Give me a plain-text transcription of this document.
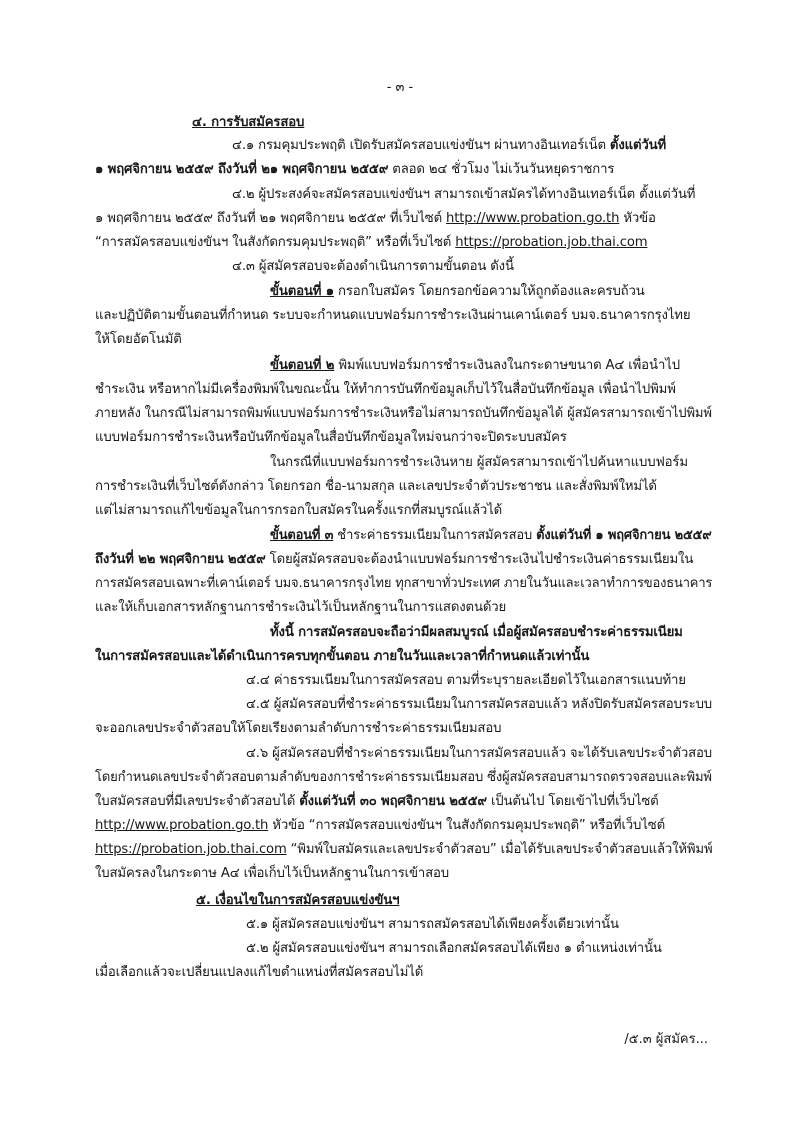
- ๓ -
๔. การรับสมัครสอบ
๔.๑ กรมคุมประพฤติ เปิดรับสมัครสอบแข่งขันฯ ผ่านทางอินเทอร์เน็ต ตั้งแต่วันที่
๑ พฤศจิกายน ๒๕๕๙ ถึงวันที่ ๒๑ พฤศจิกายน ๒๕๕๙ ตลอด ๒๔ ชั่วโมง ไม่เว้นวันหยุดราชการ
๔.๒ ผู้ประสงค์จะสมัครสอบแข่งขันฯ สามารถเข้าสมัครได้ทางอินเทอร์เน็ต ตั้งแต่วันที่
๑ พฤศจิกายน ๒๕๕๙ ถึงวันที่ ๒๑ พฤศจิกายน ๒๕๕๙ ที่เว็บไซต์ http://www.probation.go.th หัวข้อ
“การสมัครสอบแข่งขันฯ ในสังกัดกรมคุมประพฤติ” หรือที่เว็บไซต์ https://probation.job.thai.com
๔.๓ ผู้สมัครสอบจะต้องดำเนินการตามขั้นตอน ดังนี้
ขั้นตอนที่ ๑ กรอกใบสมัคร โดยกรอกข้อความให้ถูกต้องและครบถ้วน
และปฏิบัติตามขั้นตอนที่กำหนด ระบบจะกำหนดแบบฟอร์มการชำระเงินผ่านเคาน์เตอร์ บมจ.ธนาคารกรุงไทย
ให้โดยอัตโนมัติ
ขั้นตอนที่ ๒ พิมพ์แบบฟอร์มการชำระเงินลงในกระดาษขนาด A๔ เพื่อนำไป
ชำระเงิน หรือหากไม่มีเครื่องพิมพ์ในขณะนั้น ให้ทำการบันทึกข้อมูลเก็บไว้ในสื่อบันทึกข้อมูล เพื่อนำไปพิมพ์
ภายหลัง ในกรณีไม่สามารถพิมพ์แบบฟอร์มการชำระเงินหรือไม่สามารถบันทึกข้อมูลได้ ผู้สมัครสามารถเข้าไปพิมพ์
แบบฟอร์มการชำระเงินหรือบันทึกข้อมูลในสื่อบันทึกข้อมูลใหม่จนกว่าจะปิดระบบสมัคร
ในกรณีที่แบบฟอร์มการชำระเงินหาย ผู้สมัครสามารถเข้าไปค้นหาแบบฟอร์ม
การชำระเงินที่เว็บไซต์ดังกล่าว โดยกรอก ชื่อ-นามสกุล และเลขประจำตัวประชาชน และสั่งพิมพ์ใหม่ได้
แต่ไม่สามารถแก้ไขข้อมูลในการกรอกใบสมัครในครั้งแรกที่สมบูรณ์แล้วได้
ขั้นตอนที่ ๓ ชำระค่าธรรมเนียมในการสมัครสอบ ตั้งแต่วันที่ ๑ พฤศจิกายน ๒๕๕๙
ถึงวันที่ ๒๒ พฤศจิกายน ๒๕๕๙ โดยผู้สมัครสอบจะต้องนำแบบฟอร์มการชำระเงินไปชำระเงินค่าธรรมเนียมใน
การสมัครสอบเฉพาะที่เคาน์เตอร์ บมจ.ธนาคารกรุงไทย ทุกสาขาทั่วประเทศ ภายในวันและเวลาทำการของธนาคาร
และให้เก็บเอกสารหลักฐานการชำระเงินไว้เป็นหลักฐานในการแสดงตนด้วย
ทั้งนี้ การสมัครสอบจะถือว่ามีผลสมบูรณ์ เมื่อผู้สมัครสอบชำระค่าธรรมเนียม
ในการสมัครสอบและได้ดำเนินการครบทุกขั้นตอน ภายในวันและเวลาที่กำหนดแล้วเท่านั้น
๔.๔ ค่าธรรมเนียมในการสมัครสอบ ตามที่ระบุรายละเอียดไว้ในเอกสารแนบท้าย
๔.๕ ผู้สมัครสอบที่ชำระค่าธรรมเนียมในการสมัครสอบแล้ว หลังปิดรับสมัครสอบระบบ
จะออกเลขประจำตัวสอบให้โดยเรียงตามลำดับการชำระค่าธรรมเนียมสอบ
๔.๖ ผู้สมัครสอบที่ชำระค่าธรรมเนียมในการสมัครสอบแล้ว จะได้รับเลขประจำตัวสอบ
โดยกำหนดเลขประจำตัวสอบตามลำดับของการชำระค่าธรรมเนียมสอบ ซึ่งผู้สมัครสอบสามารถตรวจสอบและพิมพ์
ใบสมัครสอบที่มีเลขประจำตัวสอบได้ ตั้งแต่วันที่ ๓๐ พฤศจิกายน ๒๕๕๙ เป็นต้นไป โดยเข้าไปที่เว็บไซต์
http://www.probation.go.th หัวข้อ “การสมัครสอบแข่งขันฯ ในสังกัดกรมคุมประพฤติ” หรือที่เว็บไซต์
https://probation.job.thai.com “พิมพ์ใบสมัครและเลขประจำตัวสอบ” เมื่อได้รับเลขประจำตัวสอบแล้วให้พิมพ์
ใบสมัครลงในกระดาษ A๔ เพื่อเก็บไว้เป็นหลักฐานในการเข้าสอบ
๕. เงื่อนไขในการสมัครสอบแข่งขันฯ
๕.๑ ผู้สมัครสอบแข่งขันฯ สามารถสมัครสอบได้เพียงครั้งเดียวเท่านั้น
๕.๒ ผู้สมัครสอบแข่งขันฯ สามารถเลือกสมัครสอบได้เพียง ๑ ตำแหน่งเท่านั้น
เมื่อเลือกแล้วจะเปลี่ยนแปลงแก้ไขตำแหน่งที่สมัครสอบไม่ได้
/๕.๓ ผู้สมัคร...
